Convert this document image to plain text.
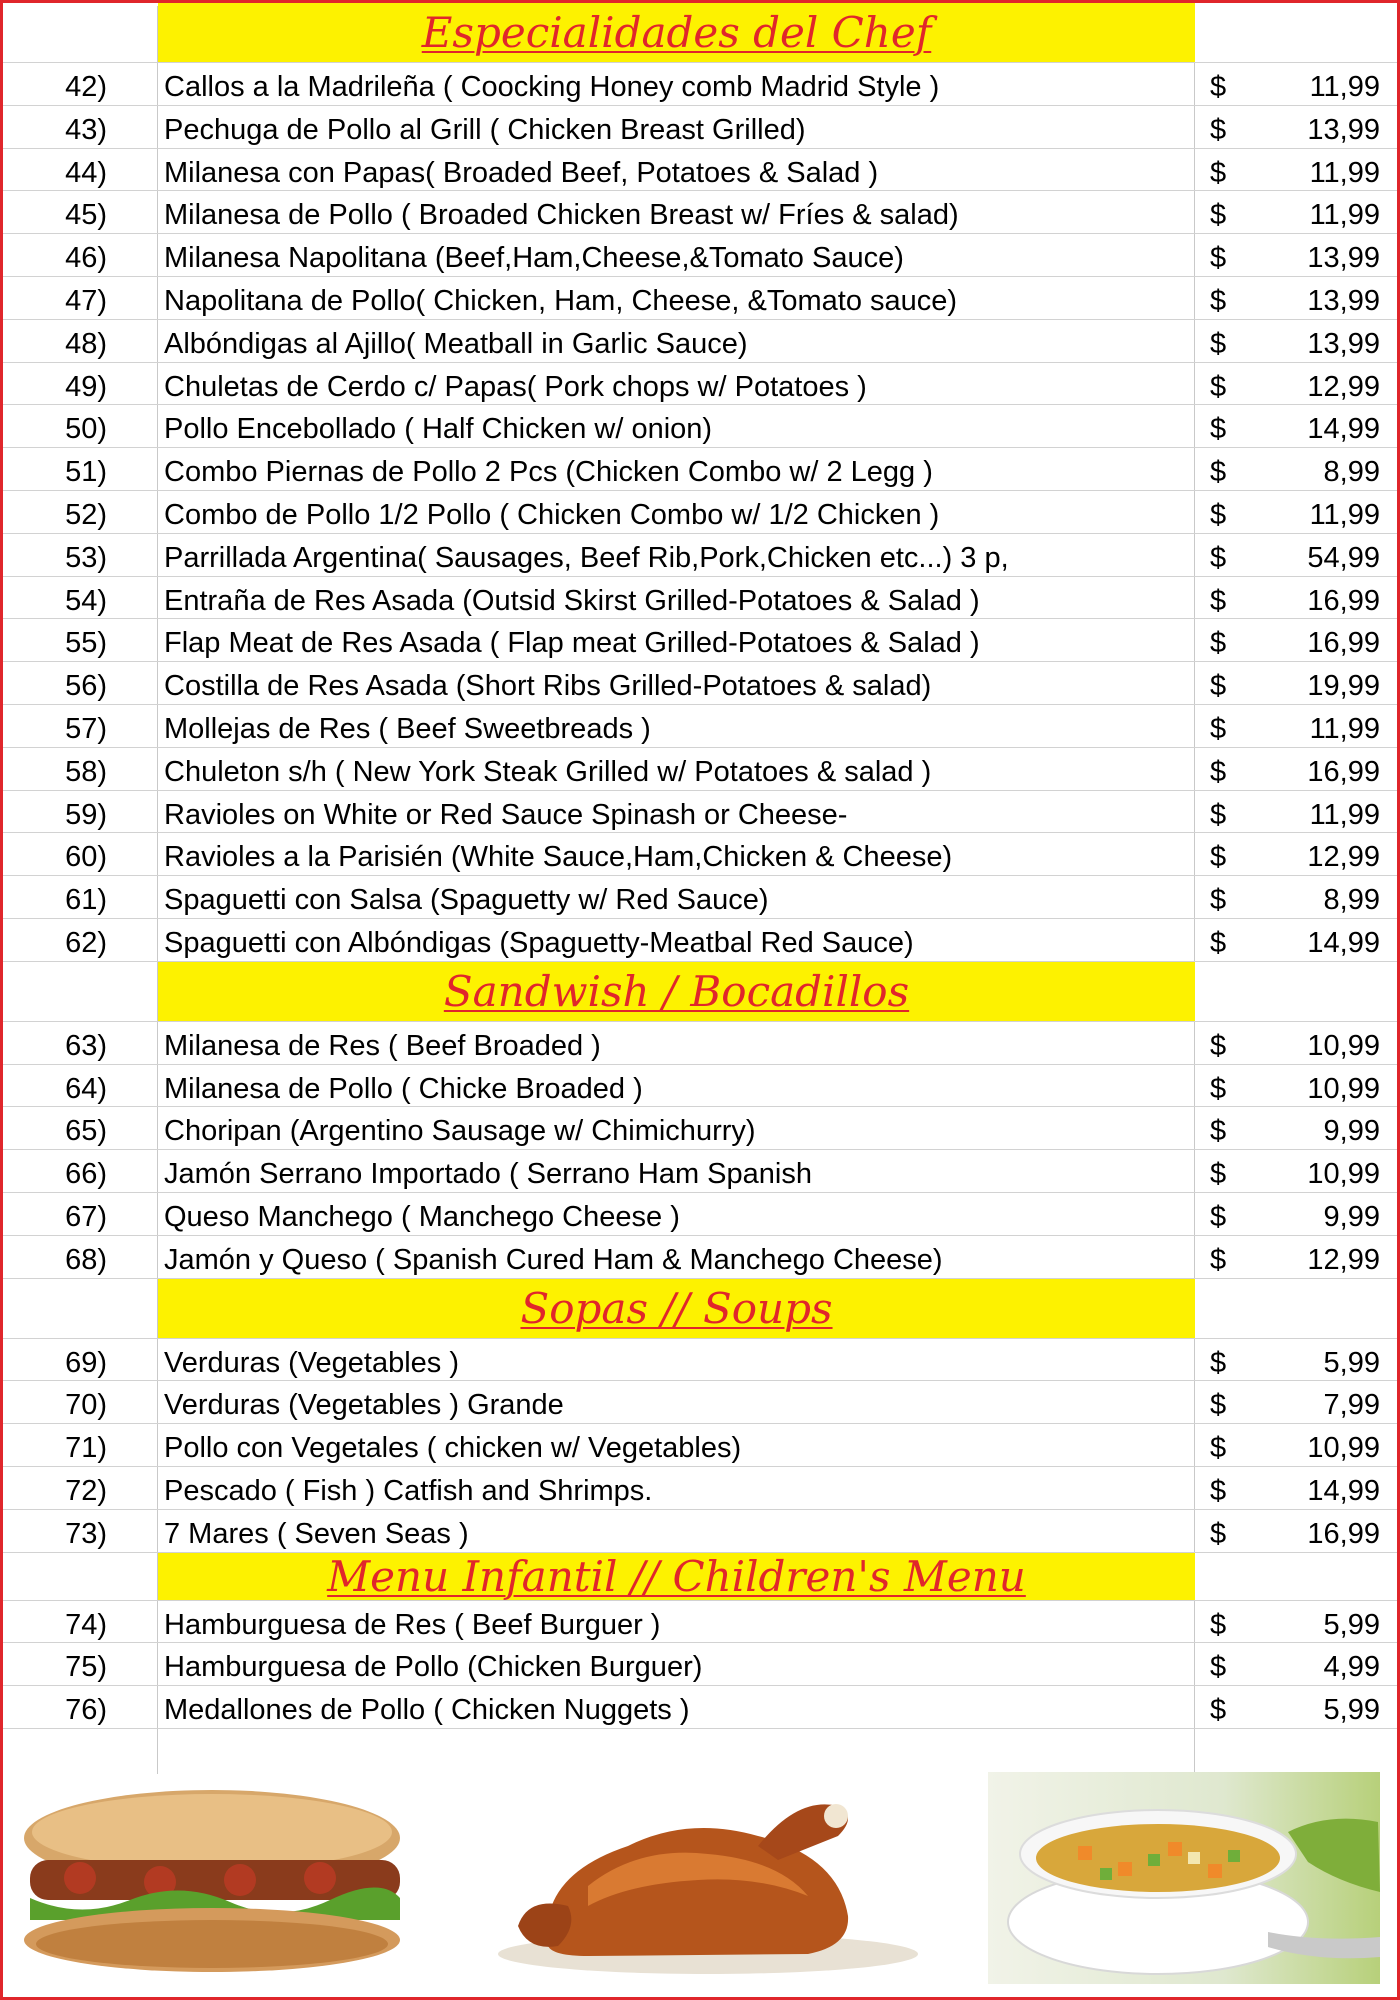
Especialidades del Chef
42) Callos a la Madrileña ( Coocking Honey comb Madrid Style )	$	11,99
43) Pechuga de Pollo al Grill ( Chicken Breast Grilled)	$	13,99
44) Milanesa con Papas( Broaded Beef, Potatoes & Salad )	$	11,99
45) Milanesa de Pollo ( Broaded Chicken Breast w/ Fríes & salad)	$	11,99
46) Milanesa Napolitana (Beef,Ham,Cheese,&Tomato Sauce)	$	13,99
47) Napolitana de Pollo( Chicken, Ham, Cheese, &Tomato sauce)	$	13,99
48) Albóndigas al Ajillo( Meatball in Garlic Sauce)	$	13,99
49) Chuletas de Cerdo c/ Papas( Pork chops w/ Potatoes )	$	12,99
50) Pollo Encebollado ( Half Chicken w/ onion)	$	14,99
51) Combo Piernas de Pollo 2 Pcs (Chicken Combo w/ 2 Legg )	$	8,99
52) Combo de Pollo 1/2 Pollo ( Chicken Combo w/ 1/2 Chicken )	$	11,99
53) Parrillada Argentina( Sausages, Beef Rib,Pork,Chicken etc...) 3 p,	$	54,99
54) Entraña de Res Asada (Outsid Skirst Grilled-Potatoes & Salad )	$	16,99
55) Flap Meat de Res Asada ( Flap meat Grilled-Potatoes & Salad )	$	16,99
56) Costilla de Res Asada (Short Ribs Grilled-Potatoes & salad)	$	19,99
57) Mollejas de Res ( Beef Sweetbreads )	$	11,99
58) Chuleton s/h ( New York Steak Grilled w/ Potatoes & salad )	$	16,99
59) Ravioles on White or Red Sauce Spinash or Cheese-	$	11,99
60) Ravioles a la Parisién (White Sauce,Ham,Chicken & Cheese)	$	12,99
61) Spaguetti con Salsa (Spaguetty w/ Red Sauce)	$	8,99
62) Spaguetti con Albóndigas (Spaguetty-Meatbal Red Sauce)	$	14,99
Sandwish / Bocadillos
63) Milanesa de Res ( Beef Broaded )	$	10,99
64) Milanesa de Pollo ( Chicke Broaded )	$	10,99
65) Choripan (Argentino Sausage w/ Chimichurry)	$	9,99
66) Jamón Serrano Importado ( Serrano Ham Spanish	$	10,99
67) Queso Manchego ( Manchego Cheese )	$	9,99
68) Jamón y Queso ( Spanish Cured Ham & Manchego Cheese)	$	12,99
Sopas // Soups
69) Verduras (Vegetables )	$	5,99
70) Verduras (Vegetables ) Grande	$	7,99
71) Pollo con Vegetales ( chicken w/ Vegetables)	$	10,99
72) Pescado ( Fish ) Catfish and Shrimps.	$	14,99
73) 7 Mares ( Seven Seas )	$	16,99
Menu Infantil // Children's Menu
74) Hamburguesa de Res ( Beef Burguer )	$	5,99
75) Hamburguesa de Pollo (Chicken Burguer)	$	4,99
76) Medallones de Pollo ( Chicken Nuggets )	$	5,99
